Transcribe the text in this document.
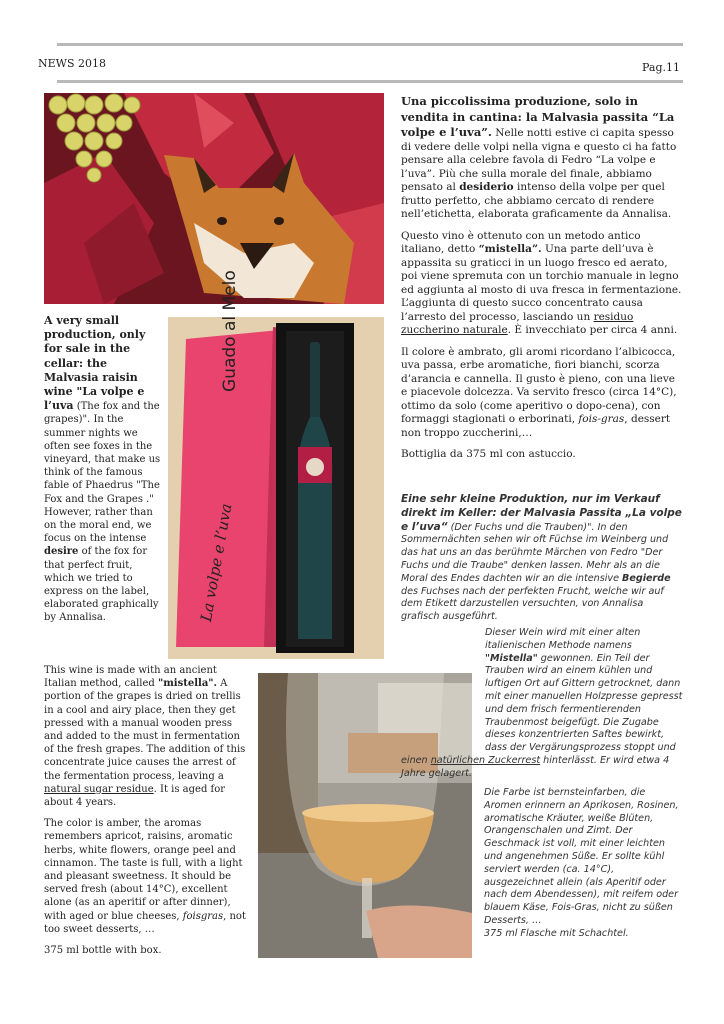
NEWS 2018	Pag.11
Guado al Melo
La volpe e l’uva

Una piccolissima produzione, solo in vendita in cantina: la Malvasia passita “La volpe e l’uva”. Nelle notti estive ci capita spesso di vedere delle volpi nella vigna e questo ci ha fatto pensare alla celebre favola di Fedro “La volpe e l’uva”. Più che sulla morale del finale, abbiamo pensato al desiderio intenso della volpe per quel frutto perfetto, che abbiamo cercato di rendere nell’etichetta, elaborata graficamente da Annalisa.

Questo vino è ottenuto con un metodo antico italiano, detto “mistella”. Una parte dell’uva è appassita su graticci in un luogo fresco ed aerato, poi viene spremuta con un torchio manuale in legno ed aggiunta al mosto di uva fresca in fermentazione. L’aggiunta di questo succo concentrato causa l’arresto del processo, lasciando un residuo zuccherino naturale. È invecchiato per circa 4 anni.

Il colore è ambrato, gli aromi ricordano l’albicocca, uva passa, erbe aromatiche, fiori bianchi, scorza d’arancia e cannella. Il gusto è pieno, con una lieve e piacevole dolcezza. Va servito fresco (circa 14°C), ottimo da solo (come aperitivo o dopo-cena), con formaggi stagionati o erborinati, fois-gras, dessert non troppo zuccherini,…

Bottiglia da 375 ml con astuccio.

A very small production, only for sale in the cellar: the Malvasia raisin wine "La volpe e l’uva (The fox and the grapes)". In the summer nights we often see foxes in the vineyard, that make us think of the famous fable of Phaedrus "The Fox and the Grapes ." However, rather than on the moral end, we focus on the intense desire of the fox for that perfect fruit, which we tried to express on the label, elaborated graphically by Annalisa.

This wine is made with an ancient Italian method, called "mistella". A portion of the grapes is dried on trellis in a cool and airy place, then they get pressed with a manual wooden press and added to the must in fermentation of the fresh grapes. The addition of this concentrate juice causes the arrest of the fermentation process, leaving a natural sugar residue. It is aged for about 4 years.

The color is amber, the aromas remembers apricot, raisins, aromatic herbs, white flowers, orange peel and cinnamon. The taste is full, with a light and pleasant sweetness. It should be served fresh (about 14°C), excellent alone (as an aperitif or after dinner), with aged or blue cheeses, foisgras, not too sweet desserts, …

375 ml bottle with box.

Eine sehr kleine Produktion, nur im Verkauf direkt im Keller: der Malvasia Passita „La volpe e l’uva“ (Der Fuchs und die Trauben)". In den Sommernächten sehen wir oft Füchse im Weinberg und das hat uns an das berühmte Märchen von Fedro "Der Fuchs und die Traube" denken lassen. Mehr als an die Moral des Endes dachten wir an die intensive Begierde des Fuchses nach der perfekten Frucht, welche wir auf dem Etikett darzustellen versuchten, von Annalisa grafisch ausgeführt.

Dieser Wein wird mit einer alten italienischen Methode namens "Mistella" gewonnen. Ein Teil der Trauben wird an einem kühlen und luftigen Ort auf Gittern getrocknet, dann mit einer manuellen Holzpresse gepresst und dem frisch fermentierenden Traubenmost beigefügt. Die Zugabe dieses konzentrierten Saftes bewirkt, dass der Vergärungsprozess stoppt und einen natürlichen Zuckerrest hinterlässt. Er wird etwa 4 Jahre gelagert.

Die Farbe ist bernsteinfarben, die Aromen erinnern an Aprikosen, Rosinen, aromatische Kräuter, weiße Blüten, Orangenschalen und Zimt. Der Geschmack ist voll, mit einer leichten und angenehmen Süße. Er sollte kühl serviert werden (ca. 14°C), ausgezeichnet allein (als Aperitif oder nach dem Abendessen), mit reifem oder blauem Käse, Fois-Gras, nicht zu süßen Desserts, …

375 ml Flasche mit Schachtel.
